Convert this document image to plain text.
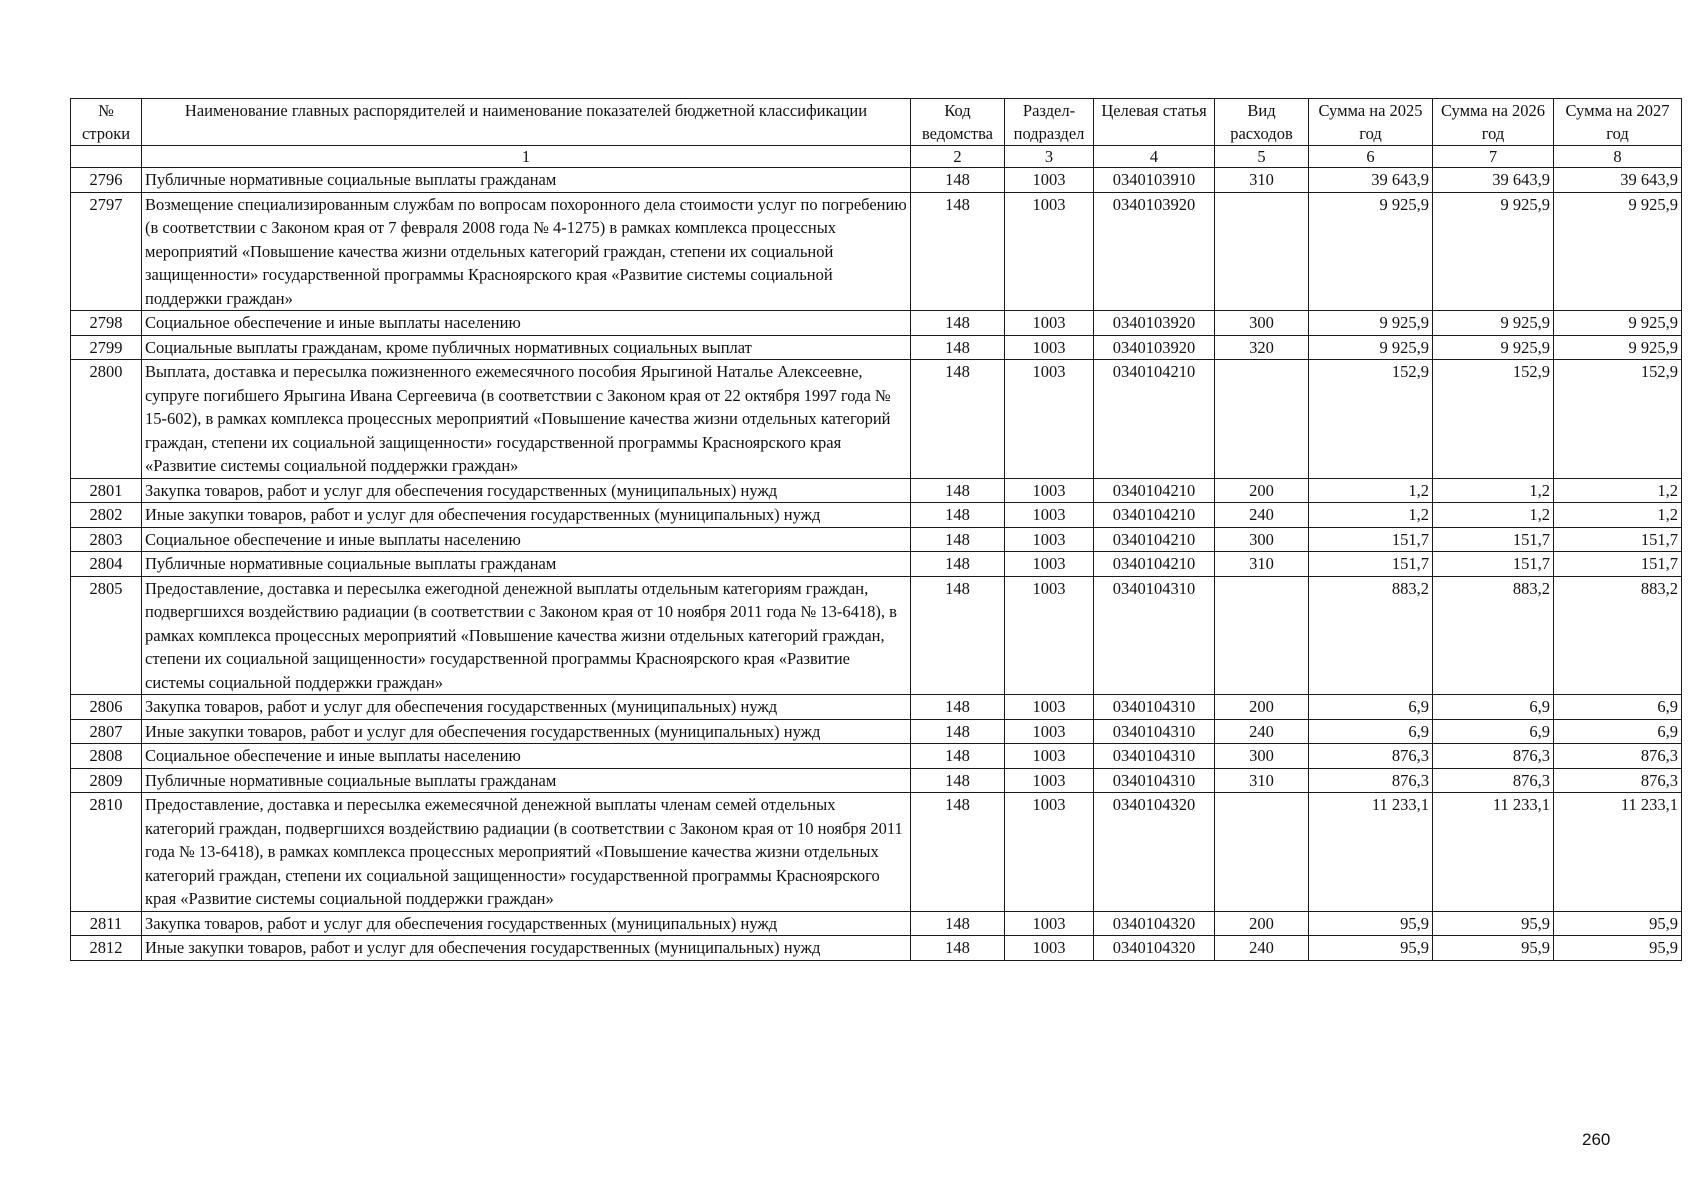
№ строки	Наименование главных распорядителей и наименование показателей бюджетной классификации	Код ведомства	Раздел-подраздел	Целевая статья	Вид расходов	Сумма на 2025 год	Сумма на 2026 год	Сумма на 2027 год
	1	2	3	4	5	6	7	8
2796	Публичные нормативные социальные выплаты гражданам	148	1003	0340103910	310	39 643,9	39 643,9	39 643,9
2797	Возмещение специализированным службам по вопросам похоронного дела стоимости услуг по погребению (в соответствии с Законом края от 7 февраля 2008 года № 4-1275) в рамках комплекса процессных мероприятий «Повышение качества жизни отдельных категорий граждан, степени их социальной защищенности» государственной программы Красноярского края «Развитие системы социальной поддержки граждан»	148	1003	0340103920		9 925,9	9 925,9	9 925,9
2798	Социальное обеспечение и иные выплаты населению	148	1003	0340103920	300	9 925,9	9 925,9	9 925,9
2799	Социальные выплаты гражданам, кроме публичных нормативных социальных выплат	148	1003	0340103920	320	9 925,9	9 925,9	9 925,9
2800	Выплата, доставка и пересылка пожизненного ежемесячного пособия Ярыгиной Наталье Алексеевне, супруге погибшего Ярыгина Ивана Сергеевича (в соответствии с Законом края от 22 октября 1997 года № 15-602), в рамках комплекса процессных мероприятий «Повышение качества жизни отдельных категорий граждан, степени их социальной защищенности» государственной программы Красноярского края «Развитие системы социальной поддержки граждан»	148	1003	0340104210		152,9	152,9	152,9
2801	Закупка товаров, работ и услуг для обеспечения государственных (муниципальных) нужд	148	1003	0340104210	200	1,2	1,2	1,2
2802	Иные закупки товаров, работ и услуг для обеспечения государственных (муниципальных) нужд	148	1003	0340104210	240	1,2	1,2	1,2
2803	Социальное обеспечение и иные выплаты населению	148	1003	0340104210	300	151,7	151,7	151,7
2804	Публичные нормативные социальные выплаты гражданам	148	1003	0340104210	310	151,7	151,7	151,7
2805	Предоставление, доставка и пересылка ежегодной денежной выплаты отдельным категориям граждан, подвергшихся воздействию радиации (в соответствии с Законом края от 10 ноября 2011 года № 13-6418), в рамках комплекса процессных мероприятий «Повышение качества жизни отдельных категорий граждан, степени их социальной защищенности» государственной программы Красноярского края «Развитие системы социальной поддержки граждан»	148	1003	0340104310		883,2	883,2	883,2
2806	Закупка товаров, работ и услуг для обеспечения государственных (муниципальных) нужд	148	1003	0340104310	200	6,9	6,9	6,9
2807	Иные закупки товаров, работ и услуг для обеспечения государственных (муниципальных) нужд	148	1003	0340104310	240	6,9	6,9	6,9
2808	Социальное обеспечение и иные выплаты населению	148	1003	0340104310	300	876,3	876,3	876,3
2809	Публичные нормативные социальные выплаты гражданам	148	1003	0340104310	310	876,3	876,3	876,3
2810	Предоставление, доставка и пересылка ежемесячной денежной выплаты членам семей отдельных категорий граждан, подвергшихся воздействию радиации (в соответствии с Законом края от 10 ноября 2011 года № 13-6418), в рамках комплекса процессных мероприятий «Повышение качества жизни отдельных категорий граждан, степени их социальной защищенности» государственной программы Красноярского края «Развитие системы социальной поддержки граждан»	148	1003	0340104320		11 233,1	11 233,1	11 233,1
2811	Закупка товаров, работ и услуг для обеспечения государственных (муниципальных) нужд	148	1003	0340104320	200	95,9	95,9	95,9
2812	Иные закупки товаров, работ и услуг для обеспечения государственных (муниципальных) нужд	148	1003	0340104320	240	95,9	95,9	95,9
260
